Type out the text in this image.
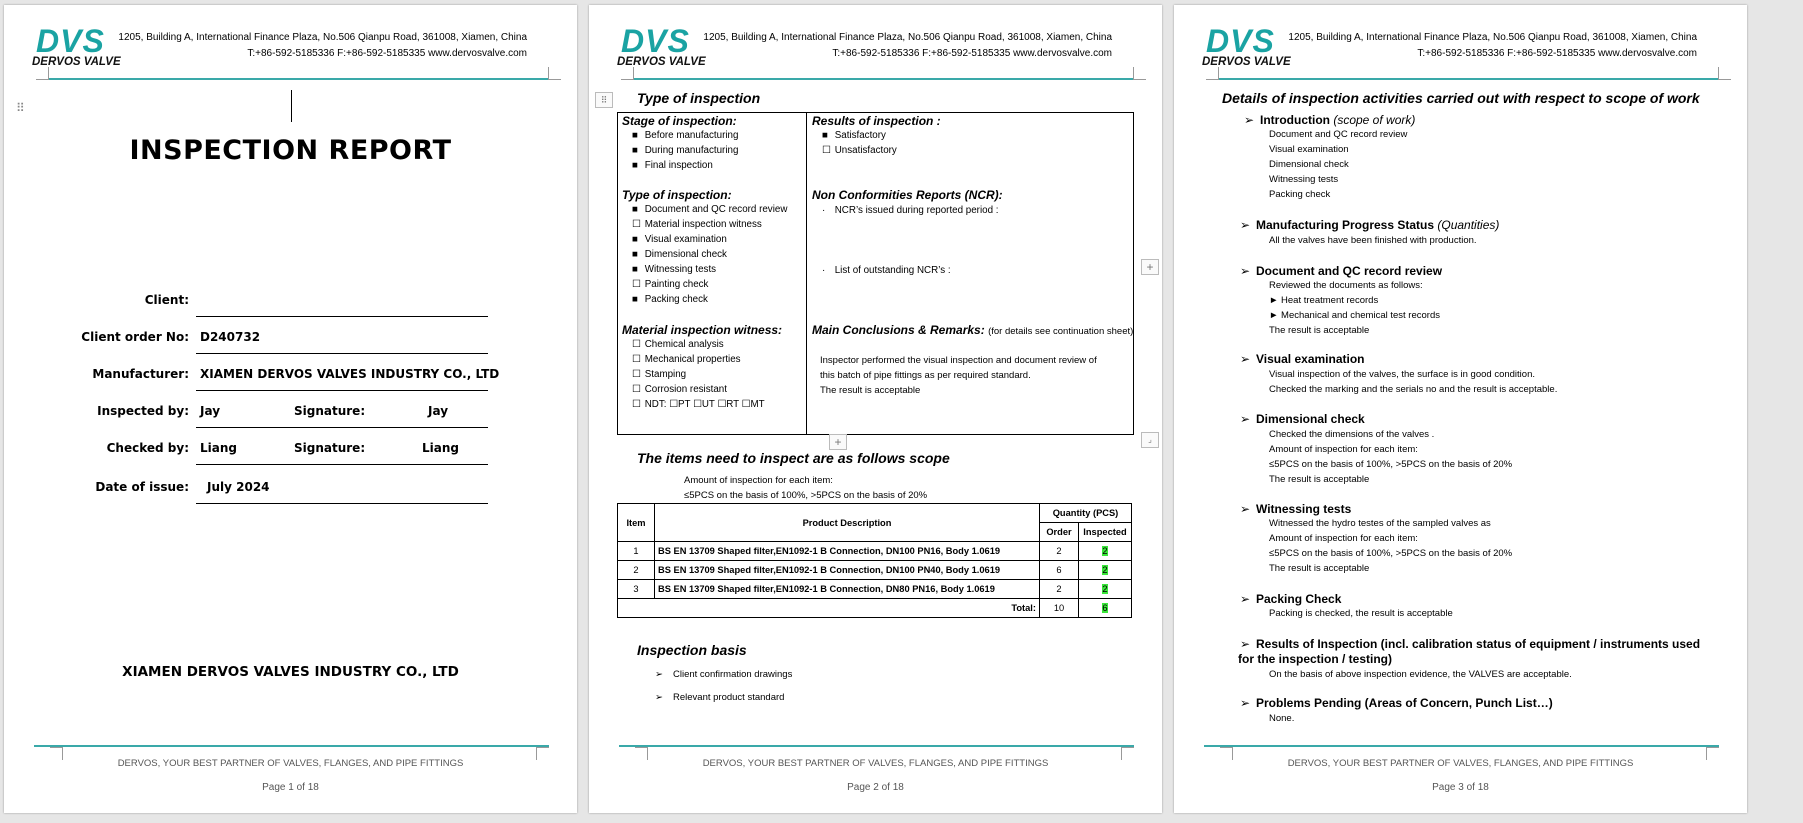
DVS
DERVOS VALVE
1205, Building A, International Finance Plaza, No.506 Qianpu Road, 361008, Xiamen, China
T:+86-592-5185336 F:+86-592-5185335 www.dervosvalve.com
⠿
INSPECTION REPORT
Client:
Client order No: D240732
Manufacturer: XIAMEN DERVOS VALVES INDUSTRY CO., LTD
Inspected by: Jay	Signature:	Jay
Checked by: Liang	Signature:	Liang
Date of issue: July 2024
XIAMEN DERVOS VALVES INDUSTRY CO., LTD
DERVOS, YOUR BEST PARTNER OF VALVES, FLANGES, AND PIPE FITTINGS
Page 1 of 18
DVS
DERVOS VALVE
1205, Building A, International Finance Plaza, No.506 Qianpu Road, 361008, Xiamen, China
T:+86-592-5185336 F:+86-592-5185335 www.dervosvalve.com
⠿	Type of inspection
+
+	⌟
Stage of inspection:
■ Before manufacturing
■ During manufacturing
■ Final inspection
Results of inspection :
■ Satisfactory
☐ Unsatisfactory
Type of inspection:
■ Document and QC record review
☐ Material inspection witness
■ Visual examination
■ Dimensional check
■ Witnessing tests
☐ Painting check
■ Packing check
Non Conformities Reports (NCR):
· NCR’s issued during reported period :
· List of outstanding NCR’s :
Material inspection witness:
☐ Chemical analysis
☐ Mechanical properties
☐ Stamping
☐ Corrosion resistant
☐ NDT: ☐PT ☐UT ☐RT ☐MT
Main Conclusions & Remarks: (for details see continuation sheet)
Inspector performed the visual inspection and document review of
this batch of pipe fittings as per required standard.
The result is acceptable
The items need to inspect are as follows scope
Amount of inspection for each item:
≤5PCS on the basis of 100%, >5PCS on the basis of 20%
Item	Product Description	Quantity (PCS)	
		Order	Inspected
1	BS EN 13709 Shaped filter,EN1092-1 B Connection, DN100 PN16, Body 1.0619	2	2
2	BS EN 13709 Shaped filter,EN1092-1 B Connection, DN100 PN40, Body 1.0619	6	2
3	BS EN 13709 Shaped filter,EN1092-1 B Connection, DN80 PN16, Body 1.0619	2	2
Total:		10	6
Inspection basis
➢ Client confirmation drawings
➢ Relevant product standard
DERVOS, YOUR BEST PARTNER OF VALVES, FLANGES, AND PIPE FITTINGS
Page 2 of 18
DVS
DERVOS VALVE
1205, Building A, International Finance Plaza, No.506 Qianpu Road, 361008, Xiamen, China
T:+86-592-5185336 F:+86-592-5185335 www.dervosvalve.com
Details of inspection activities carried out with respect to scope of work
➢ Introduction (scope of work)
Document and QC record review
Visual examination
Dimensional check
Witnessing tests
Packing check
➢ Manufacturing Progress Status (Quantities)
All the valves have been finished with production.
➢ Document and QC record review
Reviewed the documents as follows:
► Heat treatment records
► Mechanical and chemical test records
The result is acceptable
➢ Visual examination
Visual inspection of the valves, the surface is in good condition.
Checked the marking and the serials no and the result is acceptable.
➢ Dimensional check
Checked the dimensions of the valves .
Amount of inspection for each item:
≤5PCS on the basis of 100%, >5PCS on the basis of 20%
The result is acceptable
➢ Witnessing tests
Witnessed the hydro testes of the sampled valves as
Amount of inspection for each item:
≤5PCS on the basis of 100%, >5PCS on the basis of 20%
The result is acceptable
➢ Packing Check
Packing is checked, the result is acceptable
➢ Results of Inspection (incl. calibration status of equipment / instruments used
for the inspection / testing)
On the basis of above inspection evidence, the VALVES are acceptable.
➢ Problems Pending (Areas of Concern, Punch List…)
None.
DERVOS, YOUR BEST PARTNER OF VALVES, FLANGES, AND PIPE FITTINGS
Page 3 of 18
